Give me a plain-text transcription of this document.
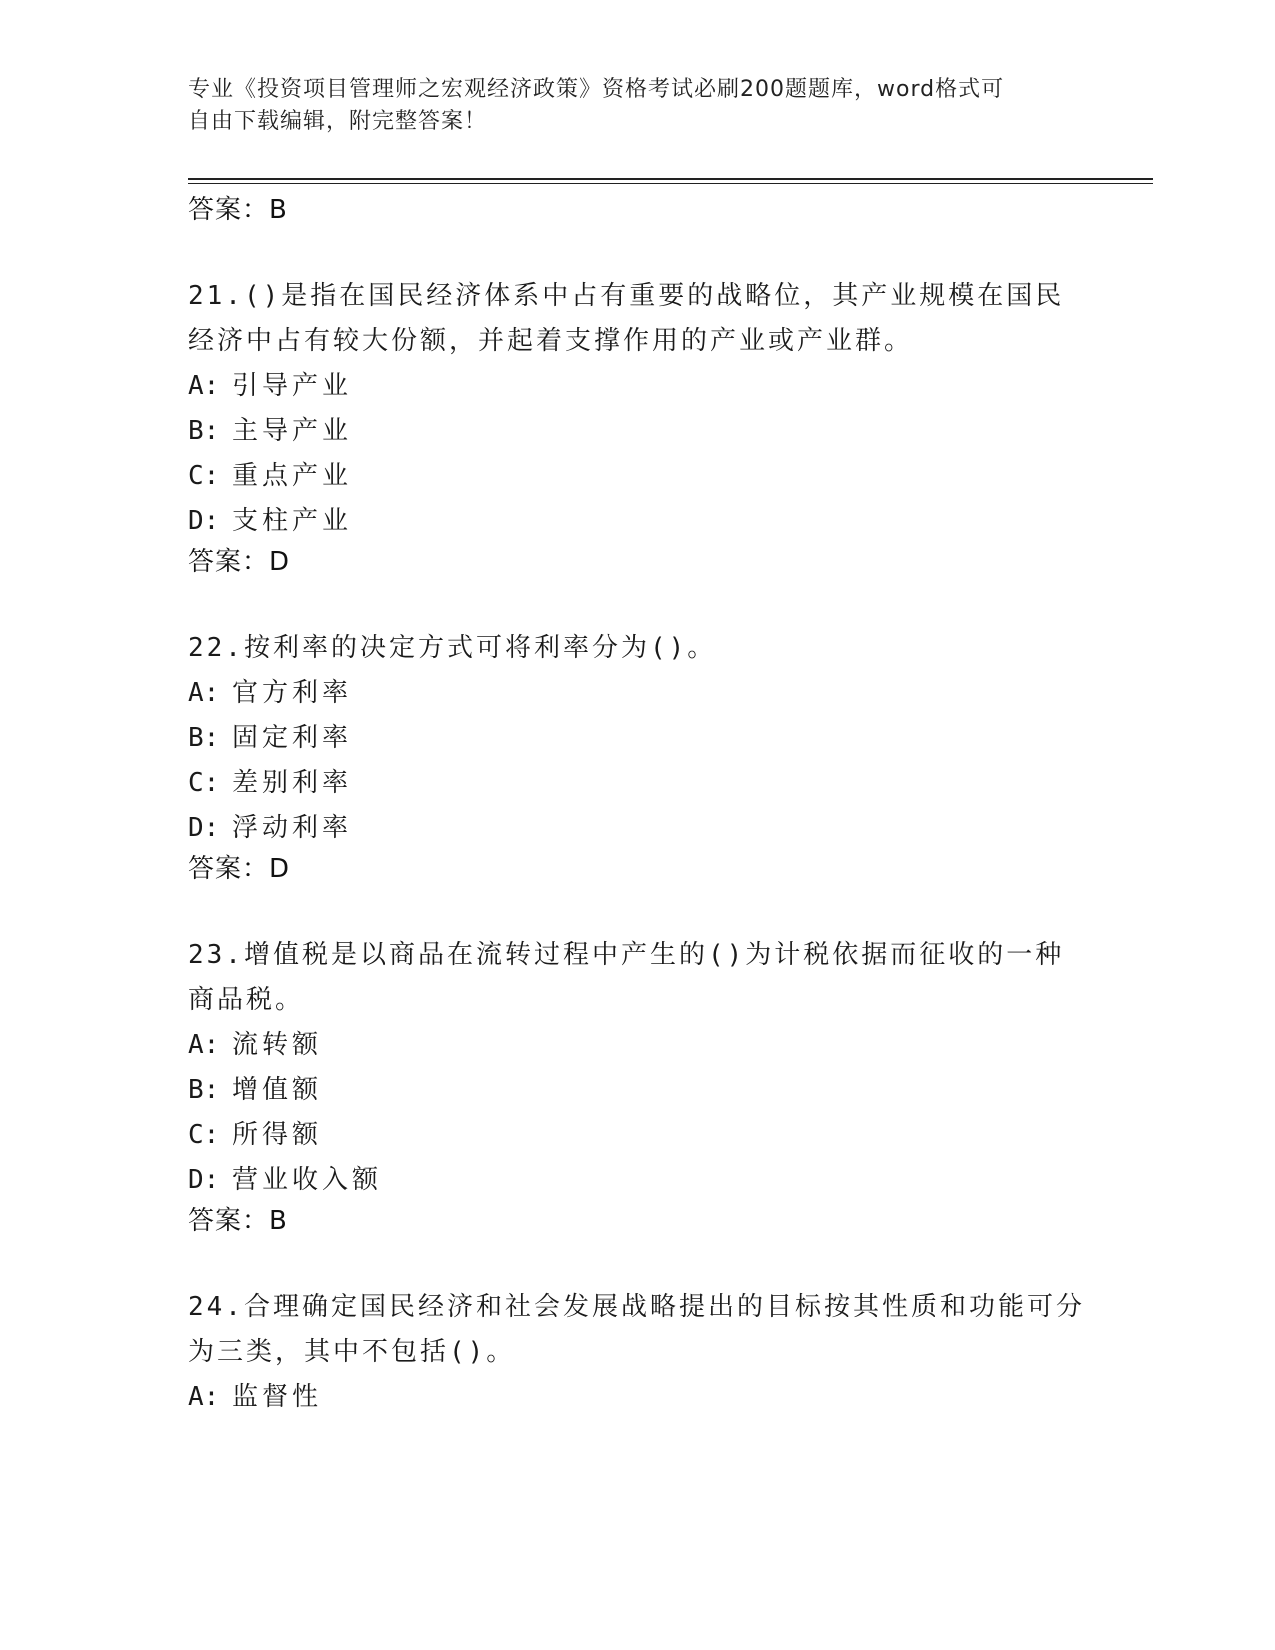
专业《投资项目管理师之宏观经济政策》资格考试必刷200题题库，word格式可
自由下载编辑，附完整答案！
答案：B

21.()是指在国民经济体系中占有重要的战略位，其产业规模在国民经济中占有较大份额，并起着支撑作用的产业或产业群。

A: 引导产业
B: 主导产业
C: 重点产业
D: 支柱产业
答案：D

22.按利率的决定方式可将利率分为()。

A: 官方利率
B: 固定利率
C: 差别利率
D: 浮动利率
答案：D

23.增值税是以商品在流转过程中产生的()为计税依据而征收的一种商品税。

A: 流转额
B: 增值额
C: 所得额
D: 营业收入额
答案：B

24.合理确定国民经济和社会发展战略提出的目标按其性质和功能可分为三类，其中不包括()。

A: 监督性
